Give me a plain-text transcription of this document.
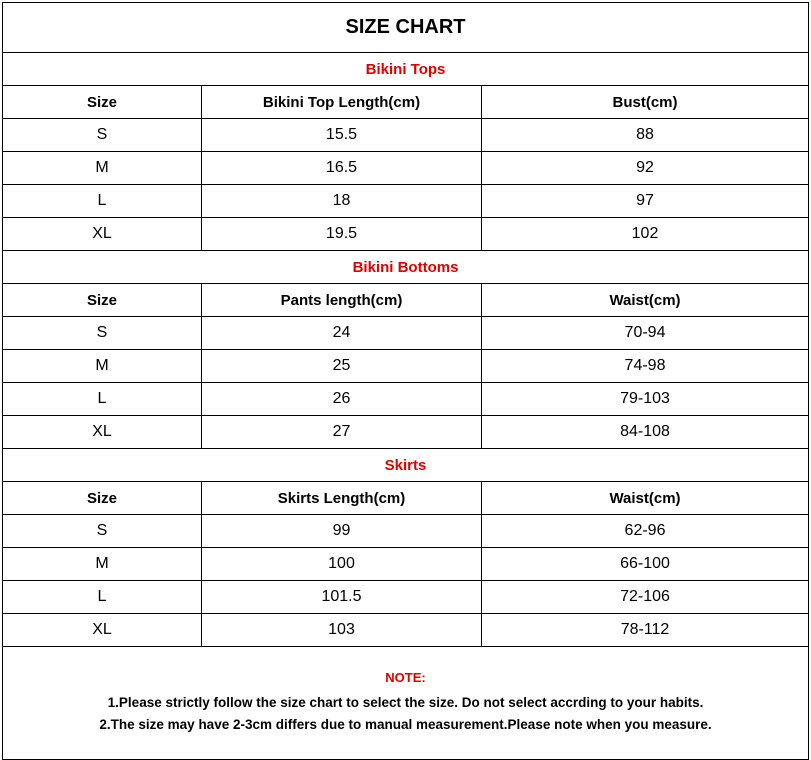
SIZE CHART		
Bikini Tops		
Size	Bikini Top Length(cm)	Bust(cm)
S	15.5	88
M	16.5	92
L	18	97
XL	19.5	102
Bikini Bottoms		
Size	Pants length(cm)	Waist(cm)
S	24	70-94
M	25	74-98
L	26	79-103
XL	27	84-108
Skirts		
Size	Skirts Length(cm)	Waist(cm)
S	99	62-96
M	100	66-100
L	101.5	72-106
XL	103	78-112

NOTE:
1.Please strictly follow the size chart to select the size. Do not select accrding to your habits.
2.The size may have 2-3cm differs due to manual measurement.Please note when you measure.		
